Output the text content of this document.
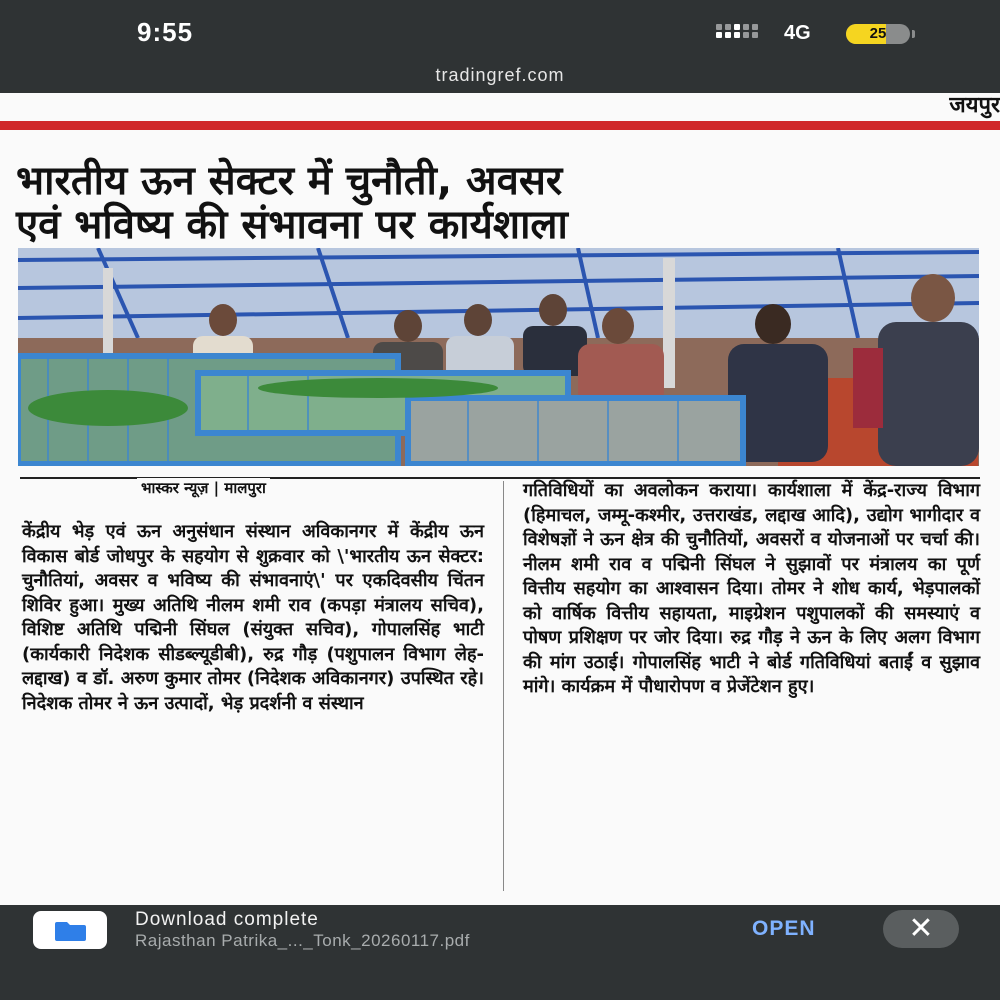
9:55	4G	25
tradingref.com
जयपुर
भारतीय ऊन सेक्टर में चुनौती, अवसर
एवं भविष्य की संभावना पर कार्यशाला
भास्कर न्यूज़ | मालपुरा
केंद्रीय भेड़ एवं ऊन अनुसंधान संस्थान अविकानगर में केंद्रीय ऊन विकास बोर्ड जोधपुर के सहयोग से शुक्रवार को \'भारतीय ऊन सेक्टर: चुनौतियां, अवसर व भविष्य की संभावनाएं\' पर एकदिवसीय चिंतन शिविर हुआ। मुख्य अतिथि नीलम शमी राव (कपड़ा मंत्रालय सचिव), विशिष्ट अतिथि पद्मिनी सिंघल (संयुक्त सचिव), गोपालसिंह भाटी (कार्यकारी निदेशक सीडब्ल्यूडीबी), रुद्र गौड़ (पशुपालन विभाग लेह-लद्दाख) व डॉ. अरुण कुमार तोमर (निदेशक अविकानगर) उपस्थित रहे। निदेशक तोमर ने ऊन उत्पादों, भेड़ प्रदर्शनी व संस्थान
गतिविधियों का अवलोकन कराया। कार्यशाला में केंद्र-राज्य विभाग (हिमाचल, जम्मू-कश्मीर, उत्तराखंड, लद्दाख आदि), उद्योग भागीदार व विशेषज्ञों ने ऊन क्षेत्र की चुनौतियों, अवसरों व योजनाओं पर चर्चा की। नीलम शमी राव व पद्मिनी सिंघल ने सुझावों पर मंत्रालय का पूर्ण वित्तीय सहयोग का आश्वासन दिया। तोमर ने शोध कार्य, भेड़पालकों को वार्षिक वित्तीय सहायता, माइग्रेशन पशुपालकों की समस्याएं व पोषण प्रशिक्षण पर जोर दिया। रुद्र गौड़ ने ऊन के लिए अलग विभाग की मांग उठाई। गोपालसिंह भाटी ने बोर्ड गतिविधियां बताईं व सुझाव मांगे। कार्यक्रम में पौधारोपण व प्रेजेंटेशन हुए।
Download complete
Rajasthan Patrika_..._Tonk_20260117.pdf
OPEN	✕
